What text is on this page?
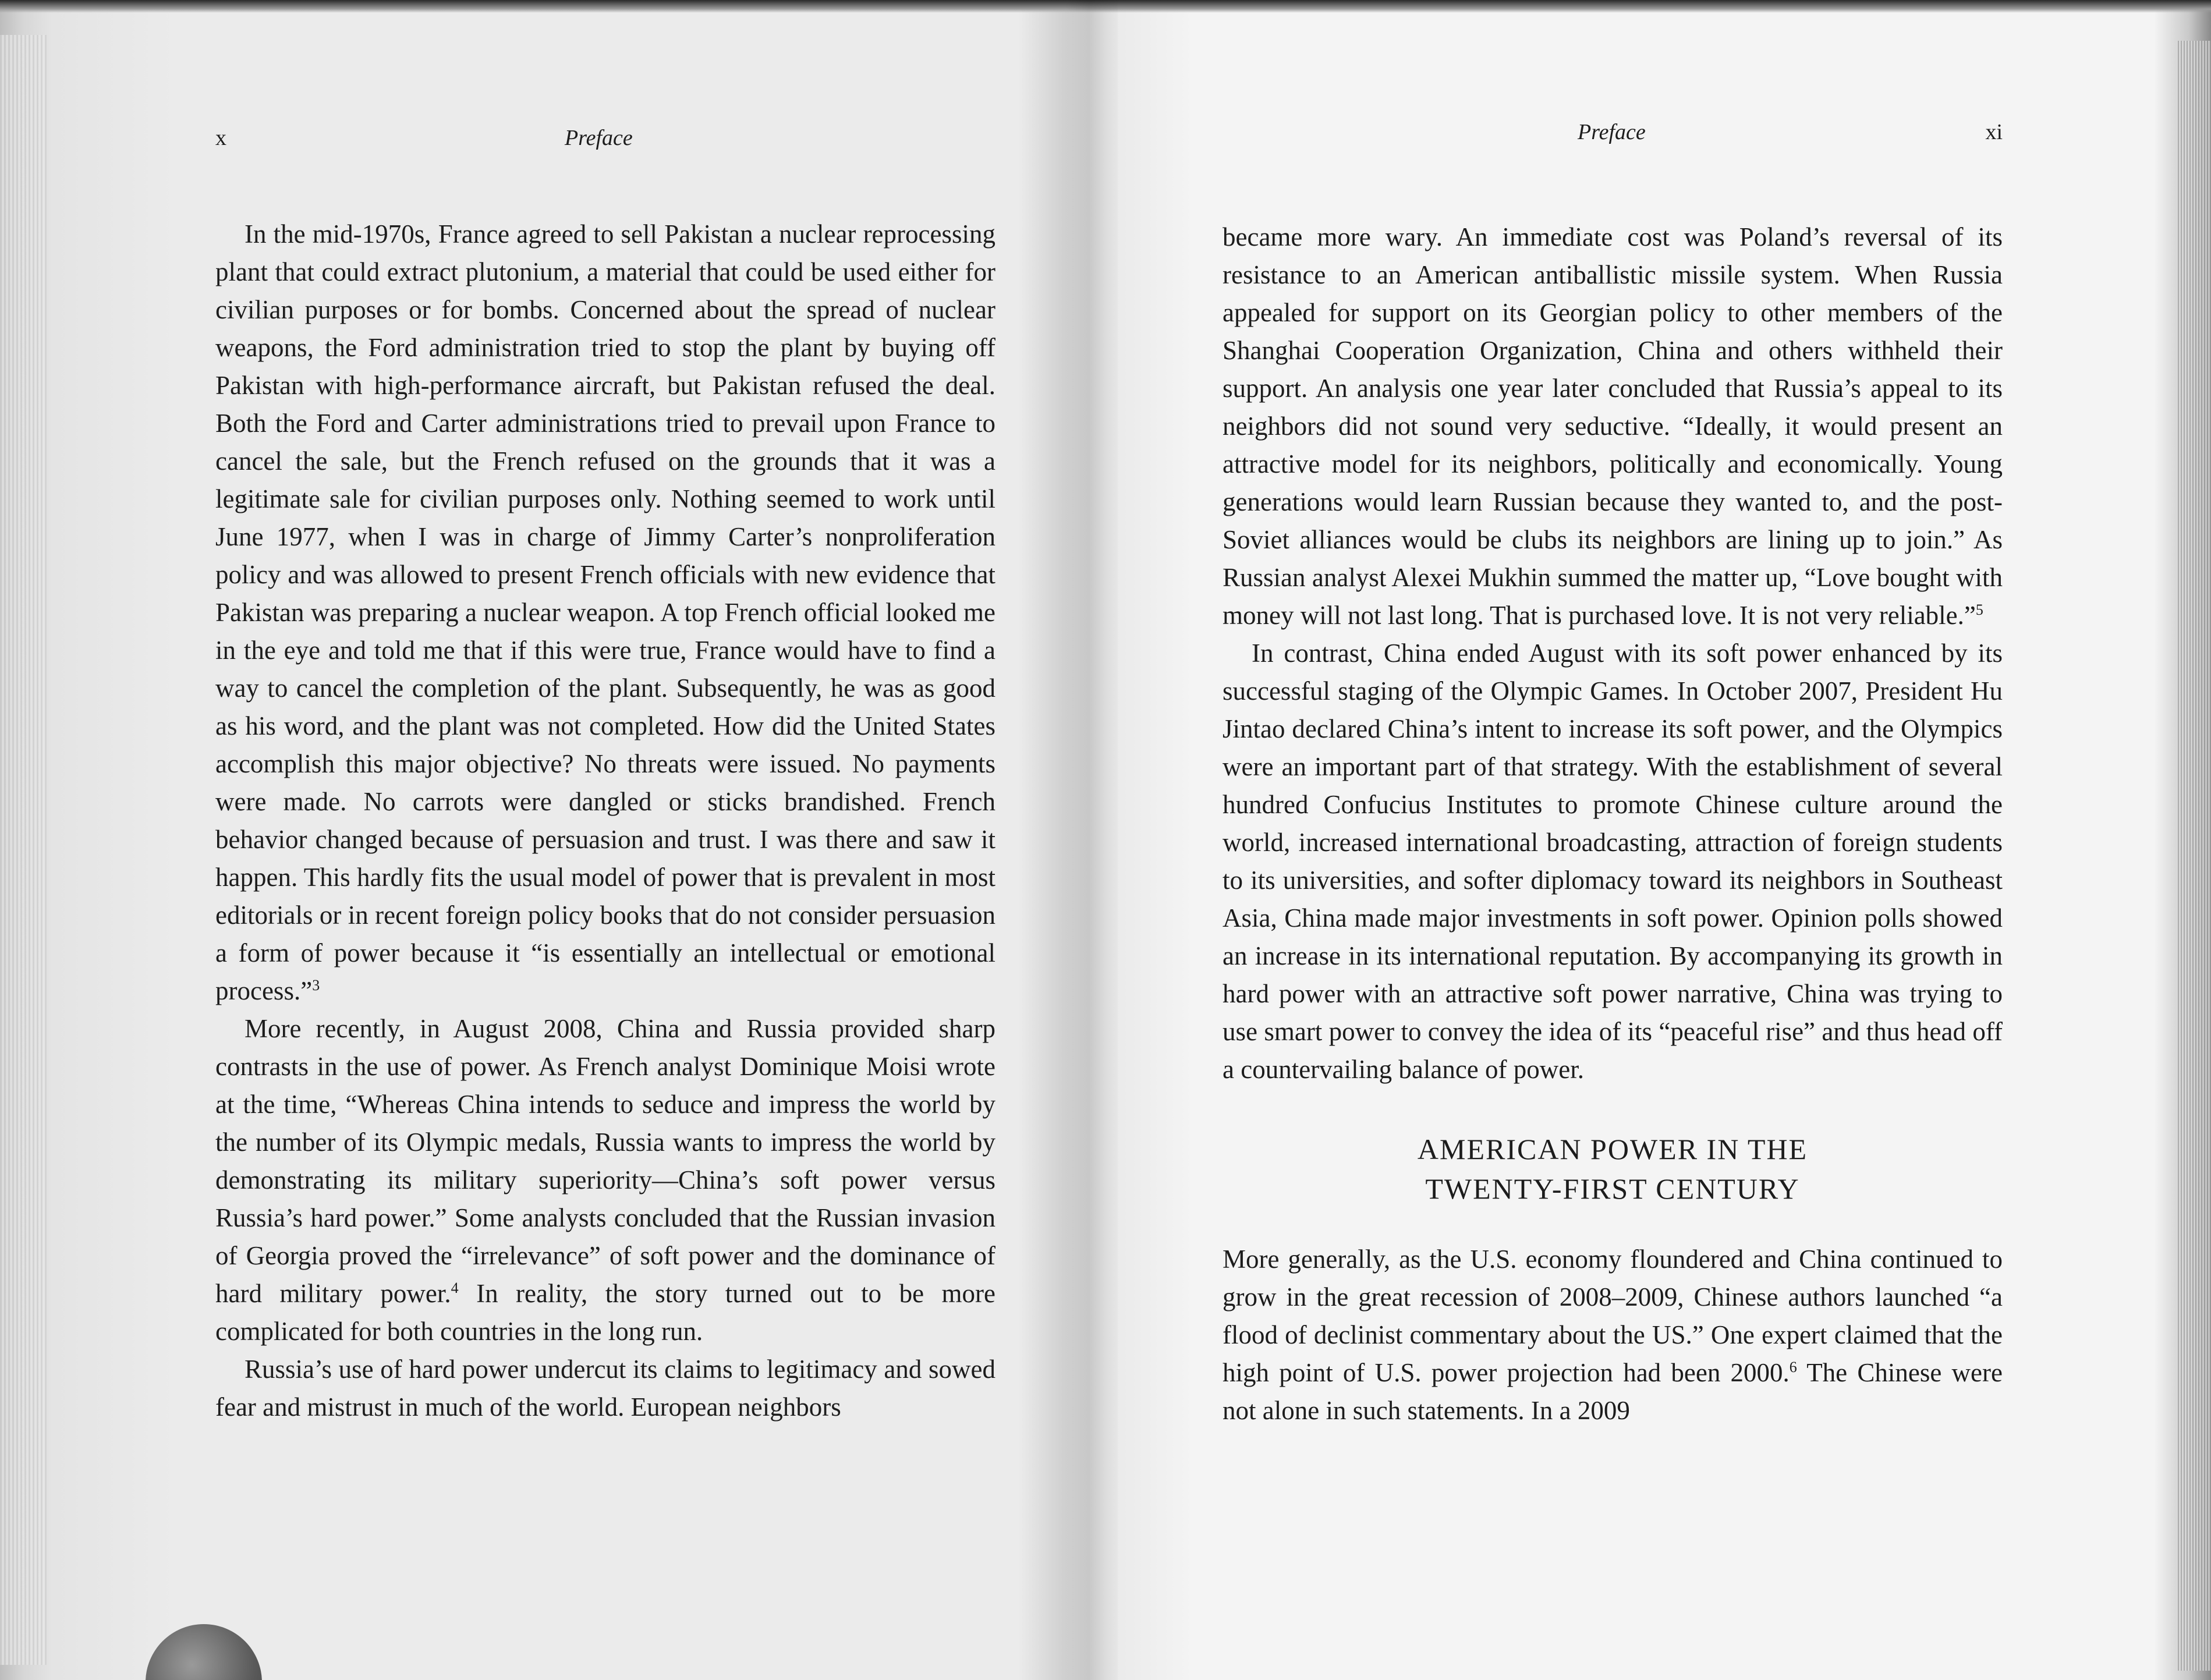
x	Preface

In the mid-1970s, France agreed to sell Pakistan a nuclear reprocessing plant that could extract plutonium, a material that could be used either for civilian purposes or for bombs. Concerned about the spread of nuclear weapons, the Ford administration tried to stop the plant by buying off Pakistan with high-performance aircraft, but Pakistan refused the deal. Both the Ford and Carter administrations tried to prevail upon France to cancel the sale, but the French refused on the grounds that it was a legitimate sale for civilian purposes only. Nothing seemed to work until June 1977, when I was in charge of Jimmy Carter’s nonproliferation policy and was allowed to present French officials with new evidence that Pakistan was preparing a nuclear weapon. A top French official looked me in the eye and told me that if this were true, France would have to find a way to cancel the completion of the plant. Subsequently, he was as good as his word, and the plant was not completed. How did the United States accomplish this major objective? No threats were issued. No payments were made. No carrots were dangled or sticks brandished. French behavior changed because of persuasion and trust. I was there and saw it happen. This hardly fits the usual model of power that is prevalent in most editorials or in recent foreign policy books that do not consider persuasion a form of power because it “is essentially an intellectual or emotional process.”$^3$

More recently, in August 2008, China and Russia provided sharp contrasts in the use of power. As French analyst Dominique Moisi wrote at the time, “Whereas China intends to seduce and impress the world by the number of its Olympic medals, Russia wants to impress the world by demonstrating its military superiority—China’s soft power versus Russia’s hard power.” Some analysts concluded that the Russian invasion of Georgia proved the “irrelevance” of soft power and the dominance of hard military power.$^4$ In reality, the story turned out to be more complicated for both countries in the long run.

Russia’s use of hard power undercut its claims to legitimacy and sowed fear and mistrust in much of the world. European neighbors

Preface	xi

became more wary. An immediate cost was Poland’s reversal of its resistance to an American antiballistic missile system. When Russia appealed for support on its Georgian policy to other members of the Shanghai Cooperation Organization, China and others withheld their support. An analysis one year later concluded that Russia’s appeal to its neighbors did not sound very seductive. “Ideally, it would present an attractive model for its neighbors, politically and economically. Young generations would learn Russian because they wanted to, and the post-Soviet alliances would be clubs its neighbors are lining up to join.” As Russian analyst Alexei Mukhin summed the matter up, “Love bought with money will not last long. That is purchased love. It is not very reliable.”$^5$

In contrast, China ended August with its soft power enhanced by its successful staging of the Olympic Games. In October 2007, President Hu Jintao declared China’s intent to increase its soft power, and the Olympics were an important part of that strategy. With the establishment of several hundred Confucius Institutes to promote Chinese culture around the world, increased international broadcasting, attraction of foreign students to its universities, and softer diplomacy toward its neighbors in Southeast Asia, China made major investments in soft power. Opinion polls showed an increase in its international reputation. By accompanying its growth in hard power with an attractive soft power narrative, China was trying to use smart power to convey the idea of its “peaceful rise” and thus head off a countervailing balance of power.

AMERICAN POWER IN THE
TWENTY-FIRST CENTURY

More generally, as the U.S. economy floundered and China continued to grow in the great recession of 2008–2009, Chinese authors launched “a flood of declinist commentary about the US.” One expert claimed that the high point of U.S. power projection had been 2000.$^6$ The Chinese were not alone in such statements. In a 2009
